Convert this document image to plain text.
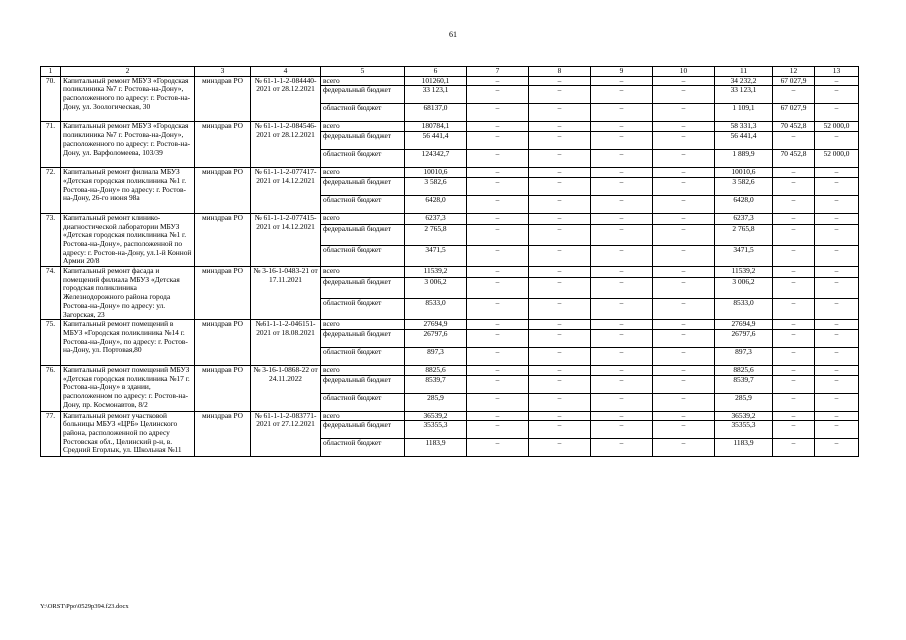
61
1	2	3	4	5	6	7	8	9	10	11	12	13
70.	Капитальный ремонт МБУЗ «Городская поликлиника №7 г. Ростова-на-Дону», расположенного по адресу: г. Ростов-на-Дону, ул. Зоологическая, 30	минздрав РО	№ 61-1-1-2-084440-2021 от 28.12.2021	всего	101260,1	–	–	–	–	34 232,2	67 027,9	–
				федеральный бюджет	33 123,1	–	–	–	–	33 123,1	–	–
				областной бюджет	68137,0	–	–	–	–	1 109,1	67 027,9	–
71.	Капитальный ремонт МБУЗ «Городская поликлиника №7 г. Ростова-на-Дону», расположенного по адресу: г. Ростов-на-Дону, ул. Варфоломеева, 103/39	минздрав РО	№ 61-1-1-2-084546-2021 от 28.12.2021	всего	180784,1	–	–	–	–	58 331,3	70 452,8	52 000,0
				федеральный бюджет	56 441,4	–	–	–	–	56 441,4	–	–
				областной бюджет	124342,7	–	–	–	–	1 889,9	70 452,8	52 000,0
72.	Капитальный ремонт филиала МБУЗ «Детская городская поликлиника №1 г. Ростова-на-Дону» по адресу: г. Ростов-на-Дону, 26-го июня 98а	минздрав РО	№ 61-1-1-2-077417-2021 от 14.12.2021	всего	10010,6	–	–	–	–	10010,6	–	–
				федеральный бюджет	3 582,6	–	–	–	–	3 582,6	–	–
				областной бюджет	6428,0	–	–	–	–	6428,0	–	–
73.	Капитальный ремонт клинико-диагностической лаборатории МБУЗ «Детская городская поликлиника №1 г. Ростова-на-Дону», расположенной по адресу: г. Ростов-на-Дону, ул.1-й Конной Армии 20/8	минздрав РО	№ 61-1-1-2-077415-2021 от 14.12.2021	всего	6237,3	–	–	–	–	6237,3	–	–
				федеральный бюджет	2 765,8	–	–	–	–	2 765,8	–	–
				областной бюджет	3471,5	–	–	–	–	3471,5	–	–
74.	Капитальный ремонт фасада и помещений филиала МБУЗ «Детская городская поликлиника Железнодорожного района города Ростова-на-Дону» по адресу: ул. Загорская, 23	минздрав РО	№ 3-16-1-0483-21 от 17.11.2021	всего	11539,2	–	–	–	–	11539,2	–	–
				федеральный бюджет	3 006,2	–	–	–	–	3 006,2	–	–
				областной бюджет	8533,0	–	–	–	–	8533,0	–	–
75.	Капитальный ремонт помещений в МБУЗ «Городская поликлиника №14 г. Ростова-на-Дону», по адресу: г. Ростов-на-Дону, ул. Портовая,80	минздрав РО	№61-1-1-2-046151-2021 от 18.08.2021	всего	27694,9	–	–	–	–	27694,9	–	–
				федеральный бюджет	26797,6	–	–	–	–	26797,6	–	–
				областной бюджет	897,3	–	–	–	–	897,3	–	–
76.	Капитальный ремонт помещений МБУЗ «Детская городская поликлиника №17 г. Ростова-на-Дону» в здании, расположенном по адресу: г. Ростов-на-Дону, пр. Космонавтов, 8/2	минздрав РО	№ 3-16-1-0868-22 от 24.11.2022	всего	8825,6	–	–	–	–	8825,6	–	–
				федеральный бюджет	8539,7	–	–	–	–	8539,7	–	–
				областной бюджет	285,9	–	–	–	–	285,9	–	–
77.	Капитальный ремонт участковой больницы МБУЗ «ЦРБ» Целинского района, расположенной по адресу Ростовская обл., Целинский р-н, в. Средний Егорлык, ул. Школьная №11	минздрав РО	№ 61-1-1-2-083771-2021 от 27.12.2021	всего	36539,2	–	–	–	–	36539,2	–	–
				федеральный бюджет	35355,3	–	–	–	–	35355,3	–	–
				областной бюджет	1183,9	–	–	–	–	1183,9	–	–
Y:\ORST\Ppo\0529p394.f23.docx
